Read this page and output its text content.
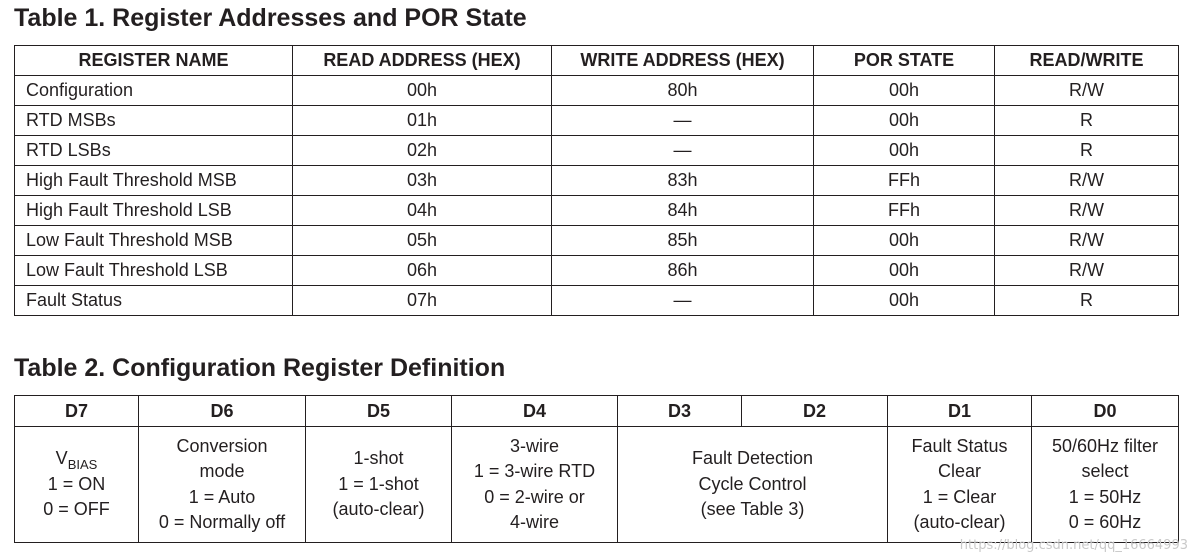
Table 1. Register Addresses and POR State
REGISTER NAME	READ ADDRESS (HEX)	WRITE ADDRESS (HEX)	POR STATE	READ/WRITE
Configuration	00h	80h	00h	R/W
RTD MSBs	01h	—	00h	R
RTD LSBs	02h	—	00h	R
High Fault Threshold MSB	03h	83h	FFh	R/W
High Fault Threshold LSB	04h	84h	FFh	R/W
Low Fault Threshold MSB	05h	85h	00h	R/W
Low Fault Threshold LSB	06h	86h	00h	R/W
Fault Status	07h	—	00h	R
Table 2. Configuration Register Definition
D7	D6	D5	D4	D3	D2	D1	D0

$V_{BIAS}$
1 = ON
0 = OFF	Conversion
mode
1 = Auto
0 = Normally off	1-shot
1 = 1-shot
(auto-clear)	3-wire
1 = 3-wire RTD
0 = 2-wire or
4-wire	Fault Detection
Cycle Control
(see Table 3)		Fault Status
Clear
1 = Clear
(auto-clear)	50/60Hz filter
select
1 = 50Hz
0 = 60Hz
https://blog.csdn.net/qq_16664993
